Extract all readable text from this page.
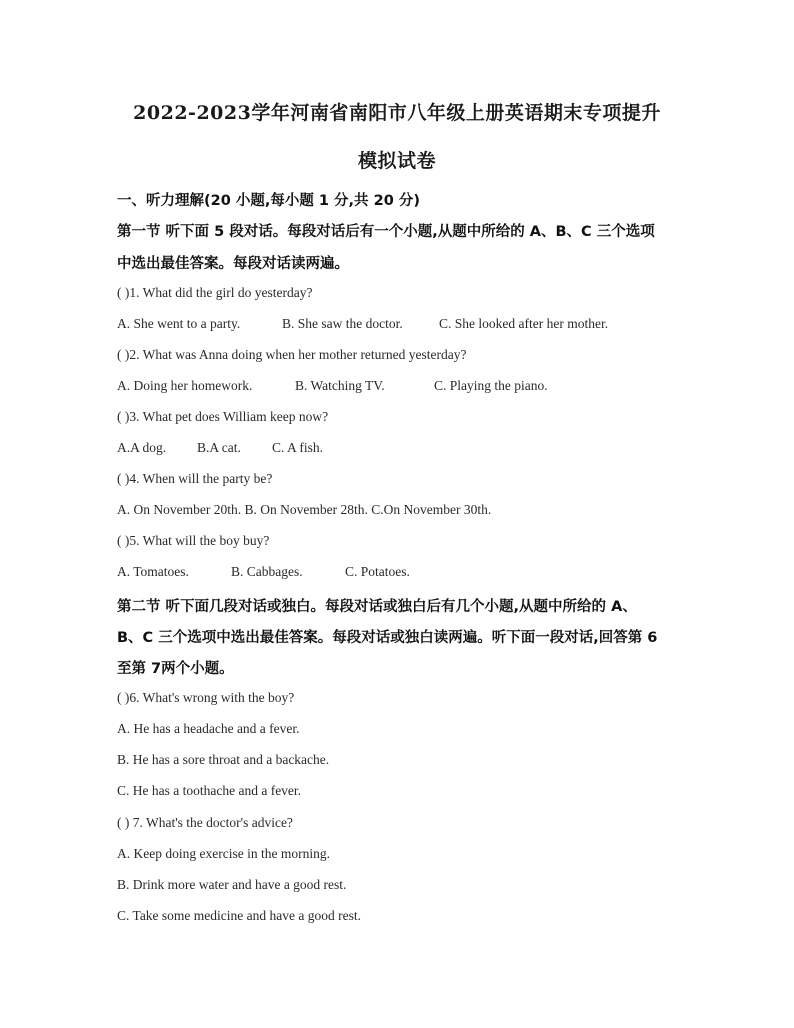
2022-2023学年河南省南阳市八年级上册英语期末专项提升
模拟试卷
一、听力理解(20 小题,每小题 1 分,共 20 分)
第一节 听下面 5 段对话。每段对话后有一个小题,从题中所给的 A、B、C 三个选项
中选出最佳答案。每段对话读两遍。
( )1. What did the girl do yesterday?
A. She went to a party.	B. She saw the doctor.	C. She looked after her mother.
( )2. What was Anna doing when her mother returned yesterday?
A. Doing her homework.	B. Watching TV.	C. Playing the piano.
( )3. What pet does William keep now?
A.A dog. B.A cat. C. A fish.
( )4. When will the party be?
A. On November 20th. B. On November 28th. C.On November 30th.
( )5. What will the boy buy?
A. Tomatoes.	B. Cabbages.	C. Potatoes.
第二节 听下面几段对话或独白。每段对话或独白后有几个小题,从题中所给的 A、
B、C 三个选项中选出最佳答案。每段对话或独白读两遍。听下面一段对话,回答第 6
至第 7两个小题。
( )6. What's wrong with the boy?
A. He has a headache and a fever.
B. He has a sore throat and a backache.
C. He has a toothache and a fever.
( ) 7. What's the doctor's advice?
A. Keep doing exercise in the morning.
B. Drink more water and have a good rest.
C. Take some medicine and have a good rest.
